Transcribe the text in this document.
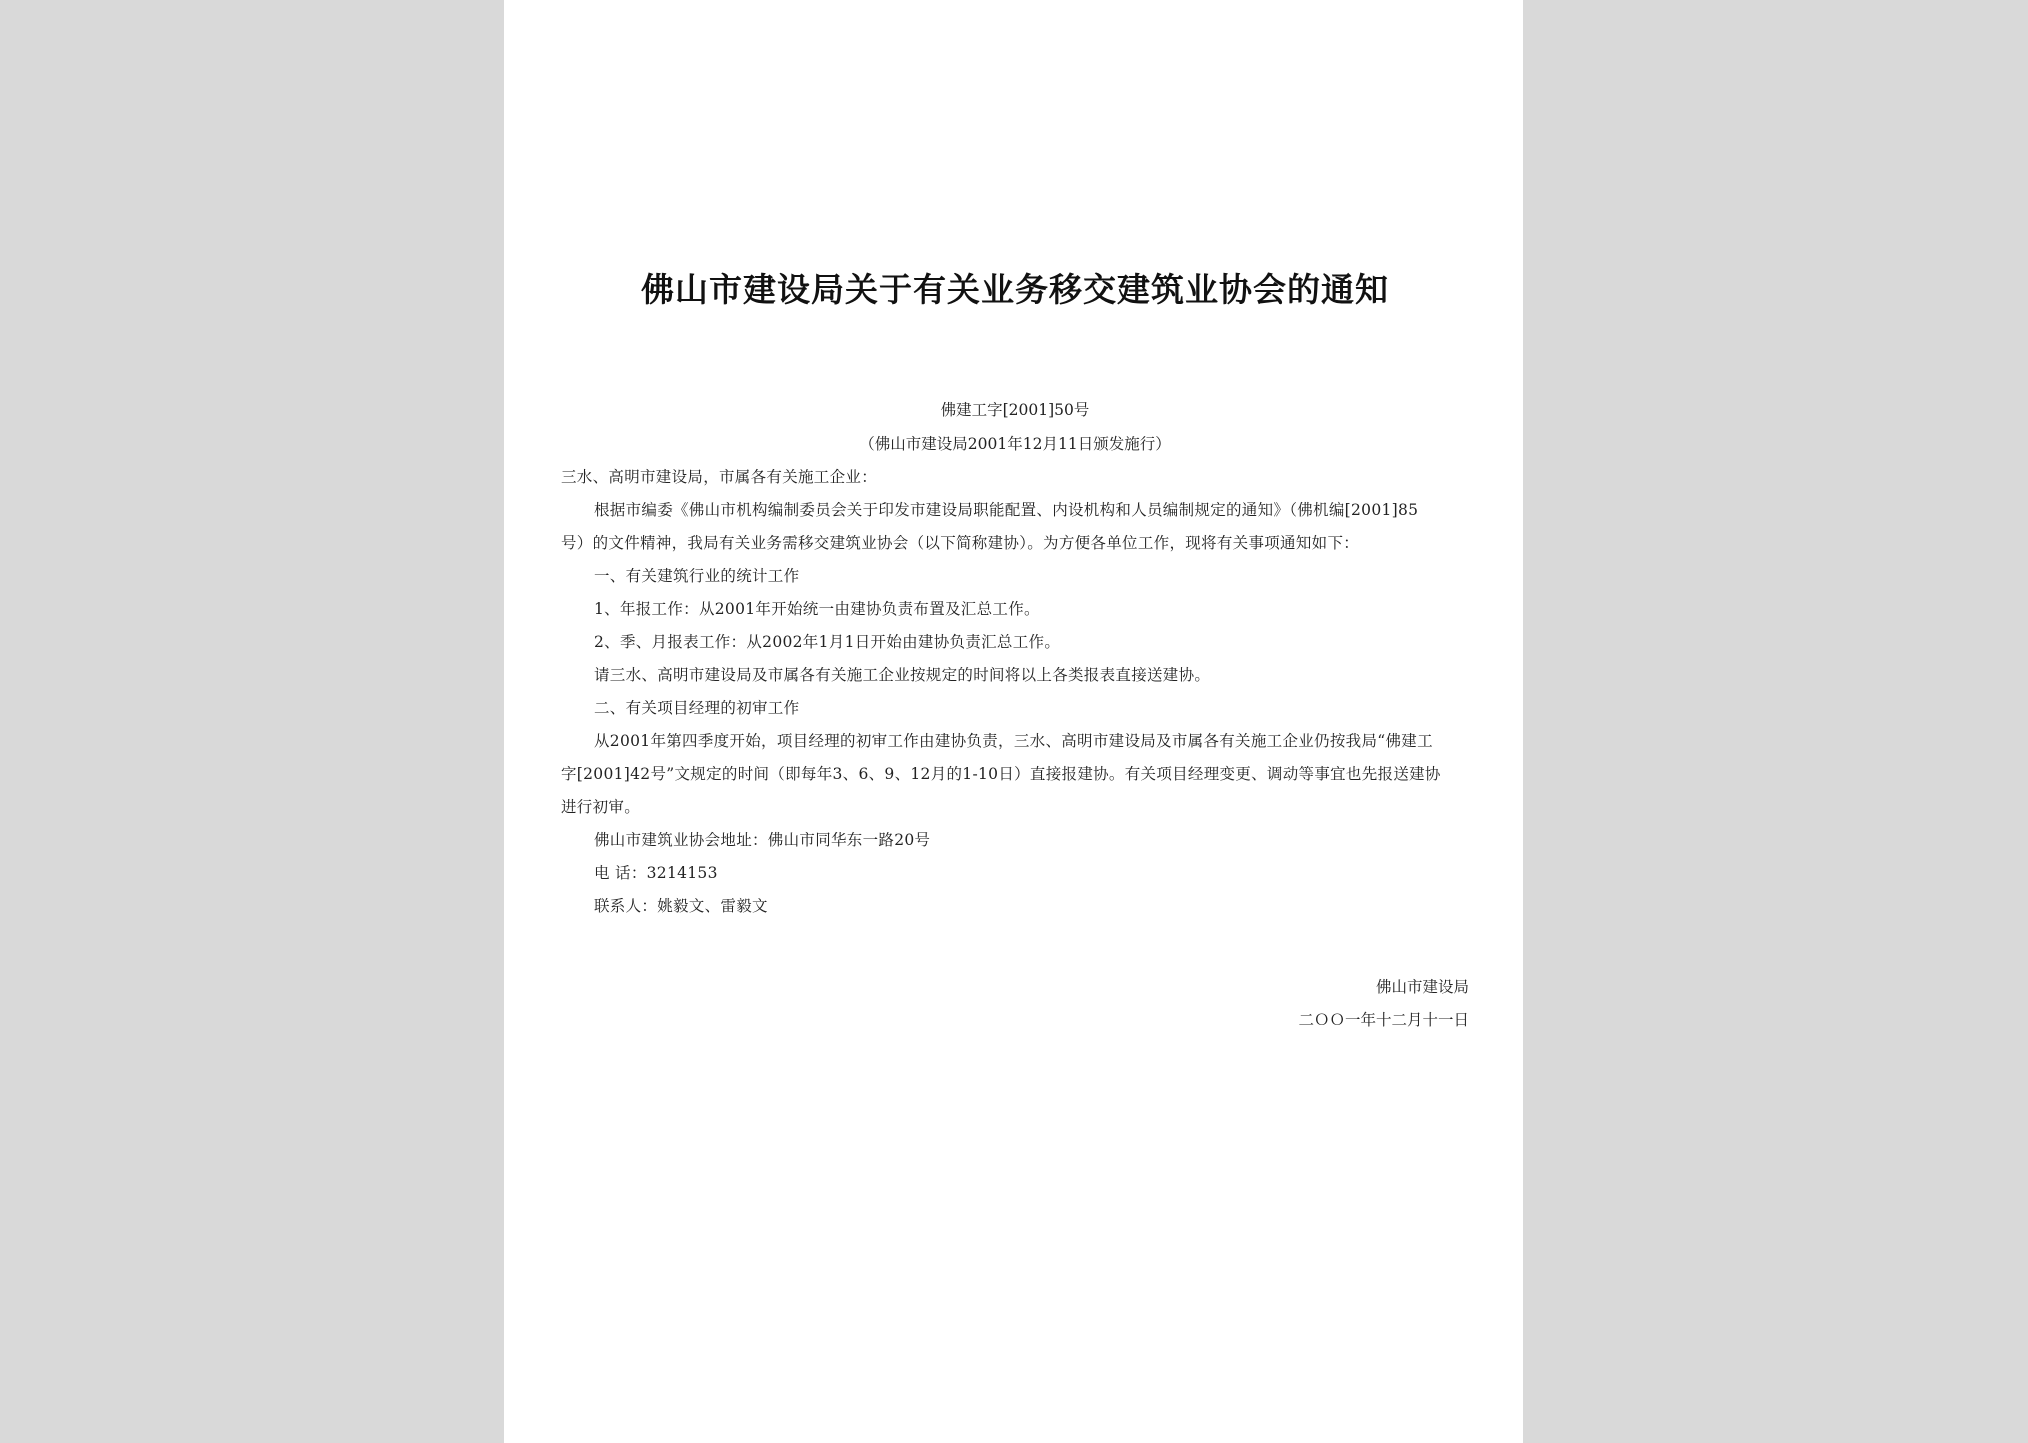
佛山市建设局关于有关业务移交建筑业协会的通知
佛建工字[2001]50号
（佛山市建设局2001年12月11日颁发施行）
三水、高明市建设局，市属各有关施工企业：
根据市编委《佛山市机构编制委员会关于印发市建设局职能配置、内设机构和人员编制规定的通知》（佛机编[2001]85
号）的文件精神，我局有关业务需移交建筑业协会（以下简称建协）。为方便各单位工作，现将有关事项通知如下：
一、有关建筑行业的统计工作
1、年报工作：从2001年开始统一由建协负责布置及汇总工作。
2、季、月报表工作：从2002年1月1日开始由建协负责汇总工作。
请三水、高明市建设局及市属各有关施工企业按规定的时间将以上各类报表直接送建协。
二、有关项目经理的初审工作
从2001年第四季度开始，项目经理的初审工作由建协负责，三水、高明市建设局及市属各有关施工企业仍按我局“佛建工
字[2001]42号”文规定的时间（即每年3、6、9、12月的1-10日）直接报建协。有关项目经理变更、调动等事宜也先报送建协
进行初审。
佛山市建筑业协会地址：佛山市同华东一路20号
电 话：3214153
联系人：姚毅文、雷毅文
佛山市建设局
二ＯＯ一年十二月十一日
